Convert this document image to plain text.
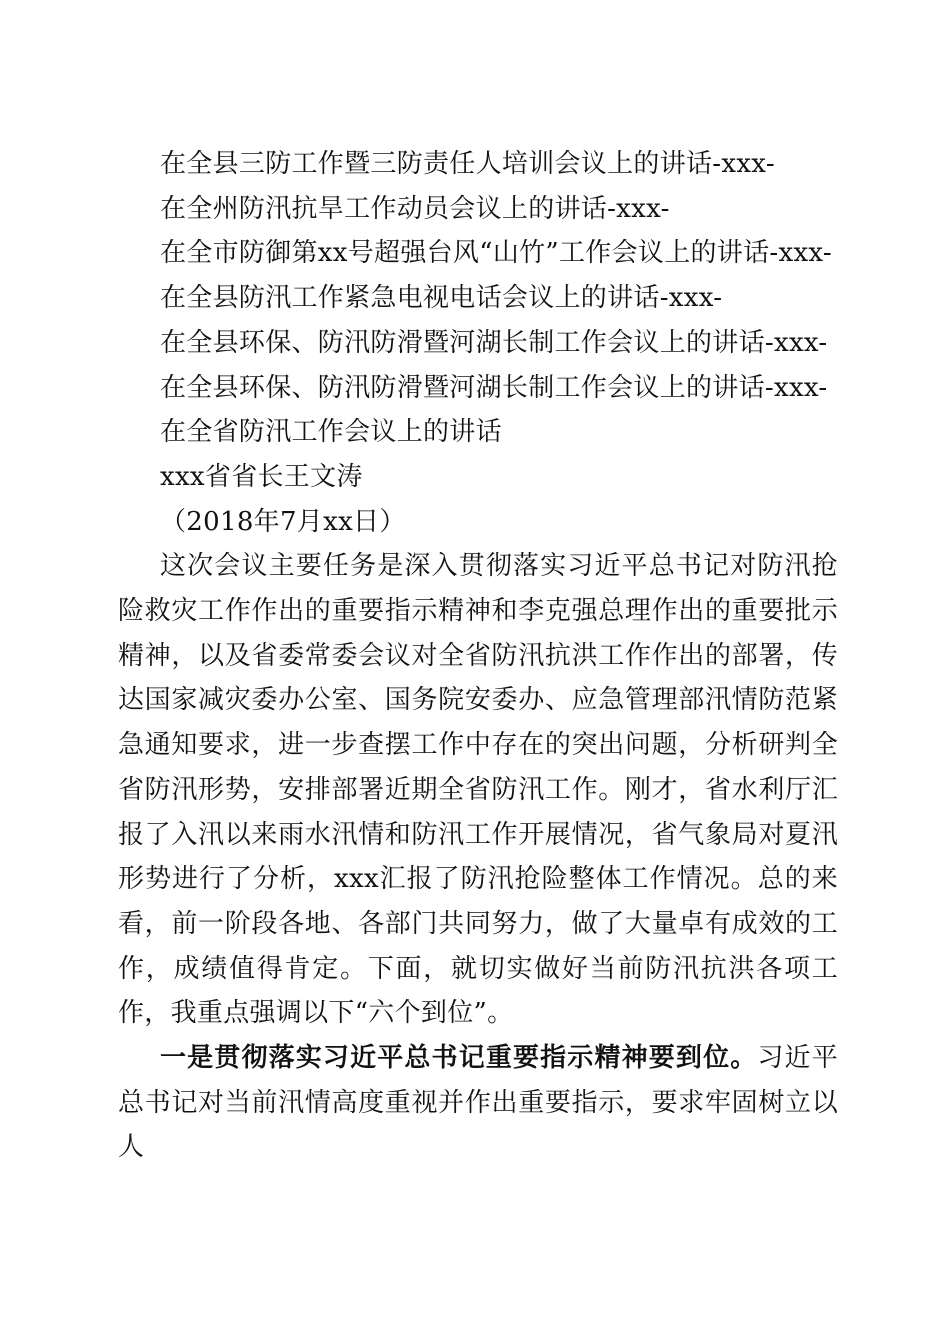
在全县三防工作暨三防责任人培训会议上的讲话-xxx-

在全州防汛抗旱工作动员会议上的讲话-xxx-

在全市防御第xx号超强台风“山竹”工作会议上的讲话-xxx-

在全县防汛工作紧急电视电话会议上的讲话-xxx-

在全县环保、防汛防滑暨河湖长制工作会议上的讲话-xxx-

在全县环保、防汛防滑暨河湖长制工作会议上的讲话-xxx-

在全省防汛工作会议上的讲话

xxx省省长王文涛

（2018年7月xx日）

这次会议主要任务是深入贯彻落实习近平总书记对防汛抢险救灾工作作出的重要指示精神和李克强总理作出的重要批示精神，以及省委常委会议对全省防汛抗洪工作作出的部署，传达国家减灾委办公室、国务院安委办、应急管理部汛情防范紧急通知要求，进一步查摆工作中存在的突出问题，分析研判全省防汛形势，安排部署近期全省防汛工作。刚才，省水利厅汇报了入汛以来雨水汛情和防汛工作开展情况，省气象局对夏汛形势进行了分析，xxx汇报了防汛抢险整体工作情况。总的来看，前一阶段各地、各部门共同努力，做了大量卓有成效的工作，成绩值得肯定。下面，就切实做好当前防汛抗洪各项工作，我重点强调以下“六个到位”。

一是贯彻落实习近平总书记重要指示精神要到位。习近平总书记对当前汛情高度重视并作出重要指示，要求牢固树立以人
